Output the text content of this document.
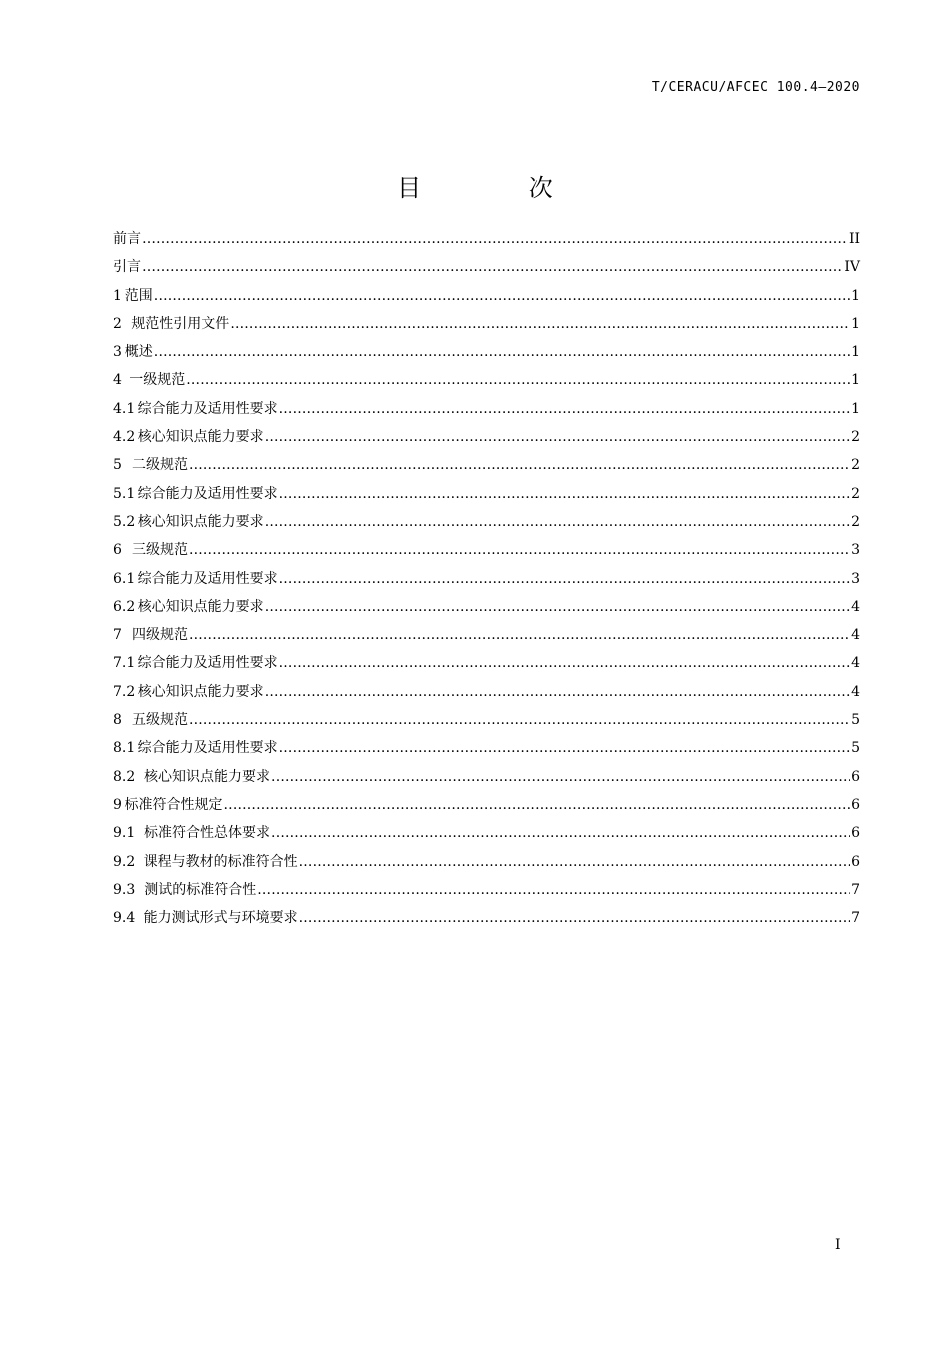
T/CERACU/AFCEC 100.4—2020
目 次
前言 ………………………………………………………………………………………………………………………………………………………………………………………………	II
引言 ………………………………………………………………………………………………………………………………………………………………………………………………	IV
1 范围 .....	1
2 规范性引用文件 .....	1
3 概述 .....	1
4 一级规范 .....	1
4.1 综合能力及适用性要求 .....	1
4.2 核心知识点能力要求 .....	2
5 二级规范 .....	2
5.1 综合能力及适用性要求 .....	2
5.2 核心知识点能力要求 .....	2
6 三级规范 .....	3
6.1 综合能力及适用性要求 .....	3
6.2 核心知识点能力要求 .....	4
7 四级规范 .....	4
7.1 综合能力及适用性要求 .....	4
7.2 核心知识点能力要求 .....	4
8 五级规范 .....	5
8.1 综合能力及适用性要求 .....	5
8.2 核心知识点能力要求 .....	6
9 标准符合性规定 .....	6
9.1 标准符合性总体要求 .....	6
9.2 课程与教材的标准符合性 .....	6
9.3 测试的标准符合性 .....	7
9.4 能力测试形式与环境要求 .....	7
I
